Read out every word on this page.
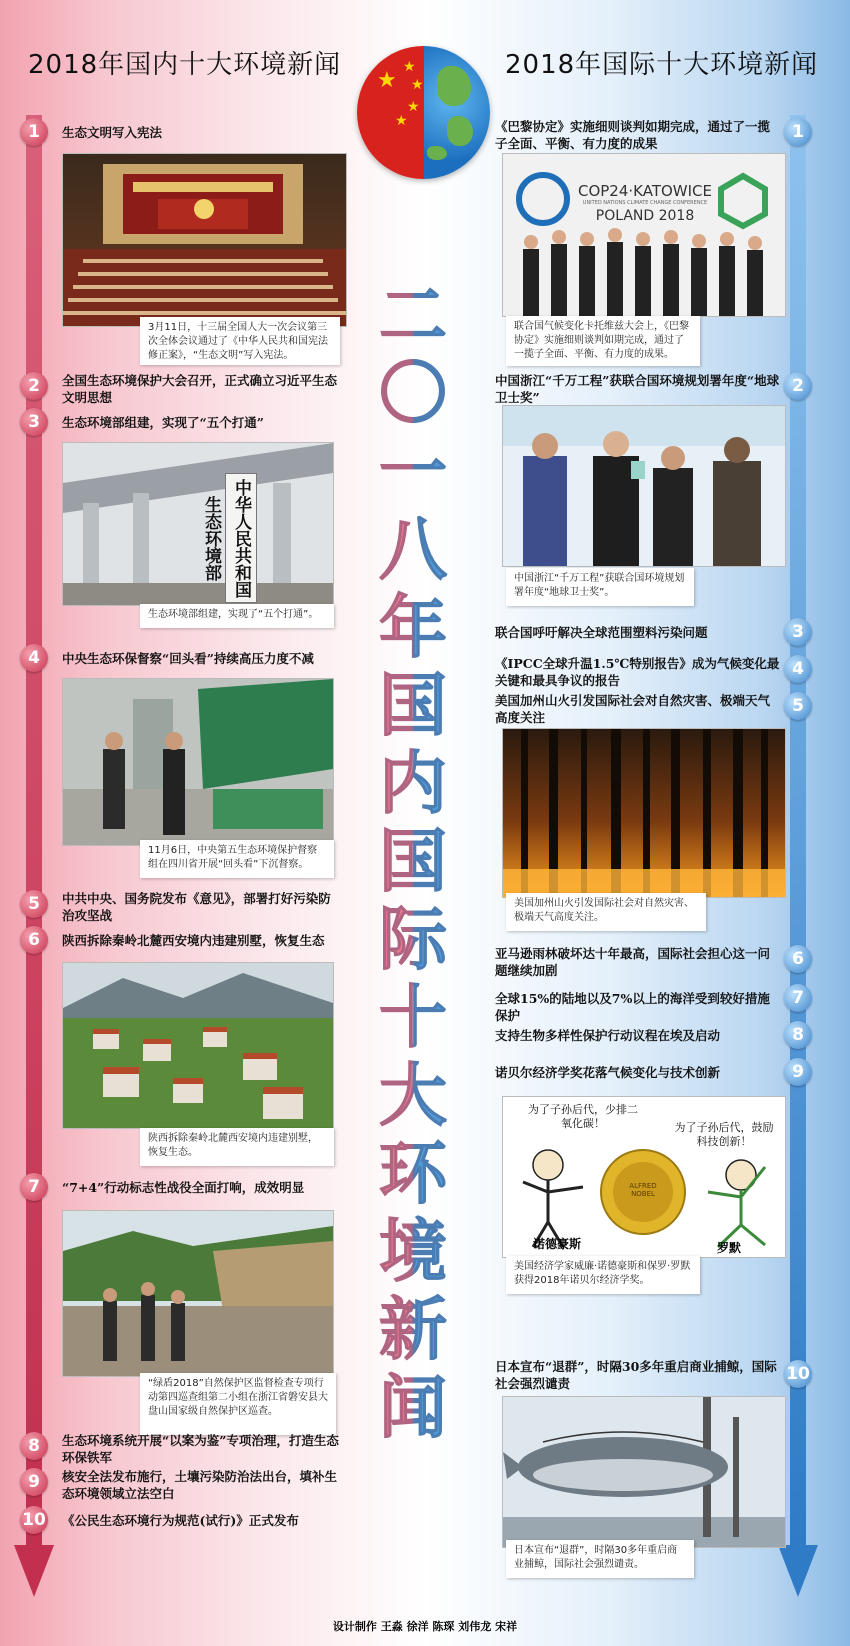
2018年国内十大环境新闻	2018年国际十大环境新闻
★
★
★
★
★
二
〇
一
八
年
国
内
国
际
十
大
环
境
新
闻
1	生态文明写入宪法
3月11日，十三届全国人大一次会议第三次全体会议通过了《中华人民共和国宪法修正案》，“生态文明”写入宪法。
2	全国生态环境保护大会召开，正式确立习近平生态文明思想
3	生态环境部组建，实现了“五个打通”
中华人民共和国生态环境部
生态环境部组建，实现了“五个打通”。
4	中央生态环保督察“回头看”持续高压力度不减
11月6日，中央第五生态环境保护督察组在四川省开展“回头看”下沉督察。
5	中共中央、国务院发布《意见》，部署打好污染防治攻坚战
6	陕西拆除秦岭北麓西安境内违建别墅，恢复生态
陕西拆除秦岭北麓西安境内违建别墅，恢复生态。
7	“7+4”行动标志性战役全面打响，成效明显
“绿盾2018”自然保护区监督检查专项行动第四巡查组第二小组在浙江省磐安县大盘山国家级自然保护区巡查。
8	生态环境系统开展“以案为鉴”专项治理，打造生态环保铁军
9	核安全法发布施行，土壤污染防治法出台，填补生态环境领域立法空白
10 《公民生态环境行为规范(试行)》正式发布
1
《巴黎协定》实施细则谈判如期完成，通过了一揽子全面、平衡、有力度的成果
COP24·KATOWICE
UNITED NATIONS CLIMATE CHANGE CONFERENCE
POLAND 2018
联合国气候变化卡托维兹大会上，《巴黎协定》实施细则谈判如期完成，通过了一揽子全面、平衡、有力度的成果。
2
中国浙江“千万工程”获联合国环境规划署年度“地球卫士奖”
中国浙江“千万工程”获联合国环境规划署年度“地球卫士奖”。
3
联合国呼吁解决全球范围塑料污染问题
4
《IPCC全球升温1.5℃特别报告》成为气候变化最关键和最具争议的报告
5
美国加州山火引发国际社会对自然灾害、极端天气高度关注
美国加州山火引发国际社会对自然灾害、极端天气高度关注。
6
亚马逊雨林破坏达十年最高，国际社会担心这一问题继续加剧
7
全球15%的陆地以及7%以上的海洋受到较好措施保护
8
支持生物多样性保护行动议程在埃及启动
9
诺贝尔经济学奖花落气候变化与技术创新
ALFRED NOBEL
为了子孙后代，少排二氧化碳！	为了子孙后代，鼓励科技创新！
诺德豪斯	罗默
美国经济学家威廉·诺德豪斯和保罗·罗默获得2018年诺贝尔经济学奖。
10
日本宣布“退群”，时隔30多年重启商业捕鲸，国际社会强烈谴责
日本宣布“退群”，时隔30多年重启商业捕鲸，国际社会强烈谴责。
设计制作 王淼 徐洋 陈琛 刘伟龙 宋祥
